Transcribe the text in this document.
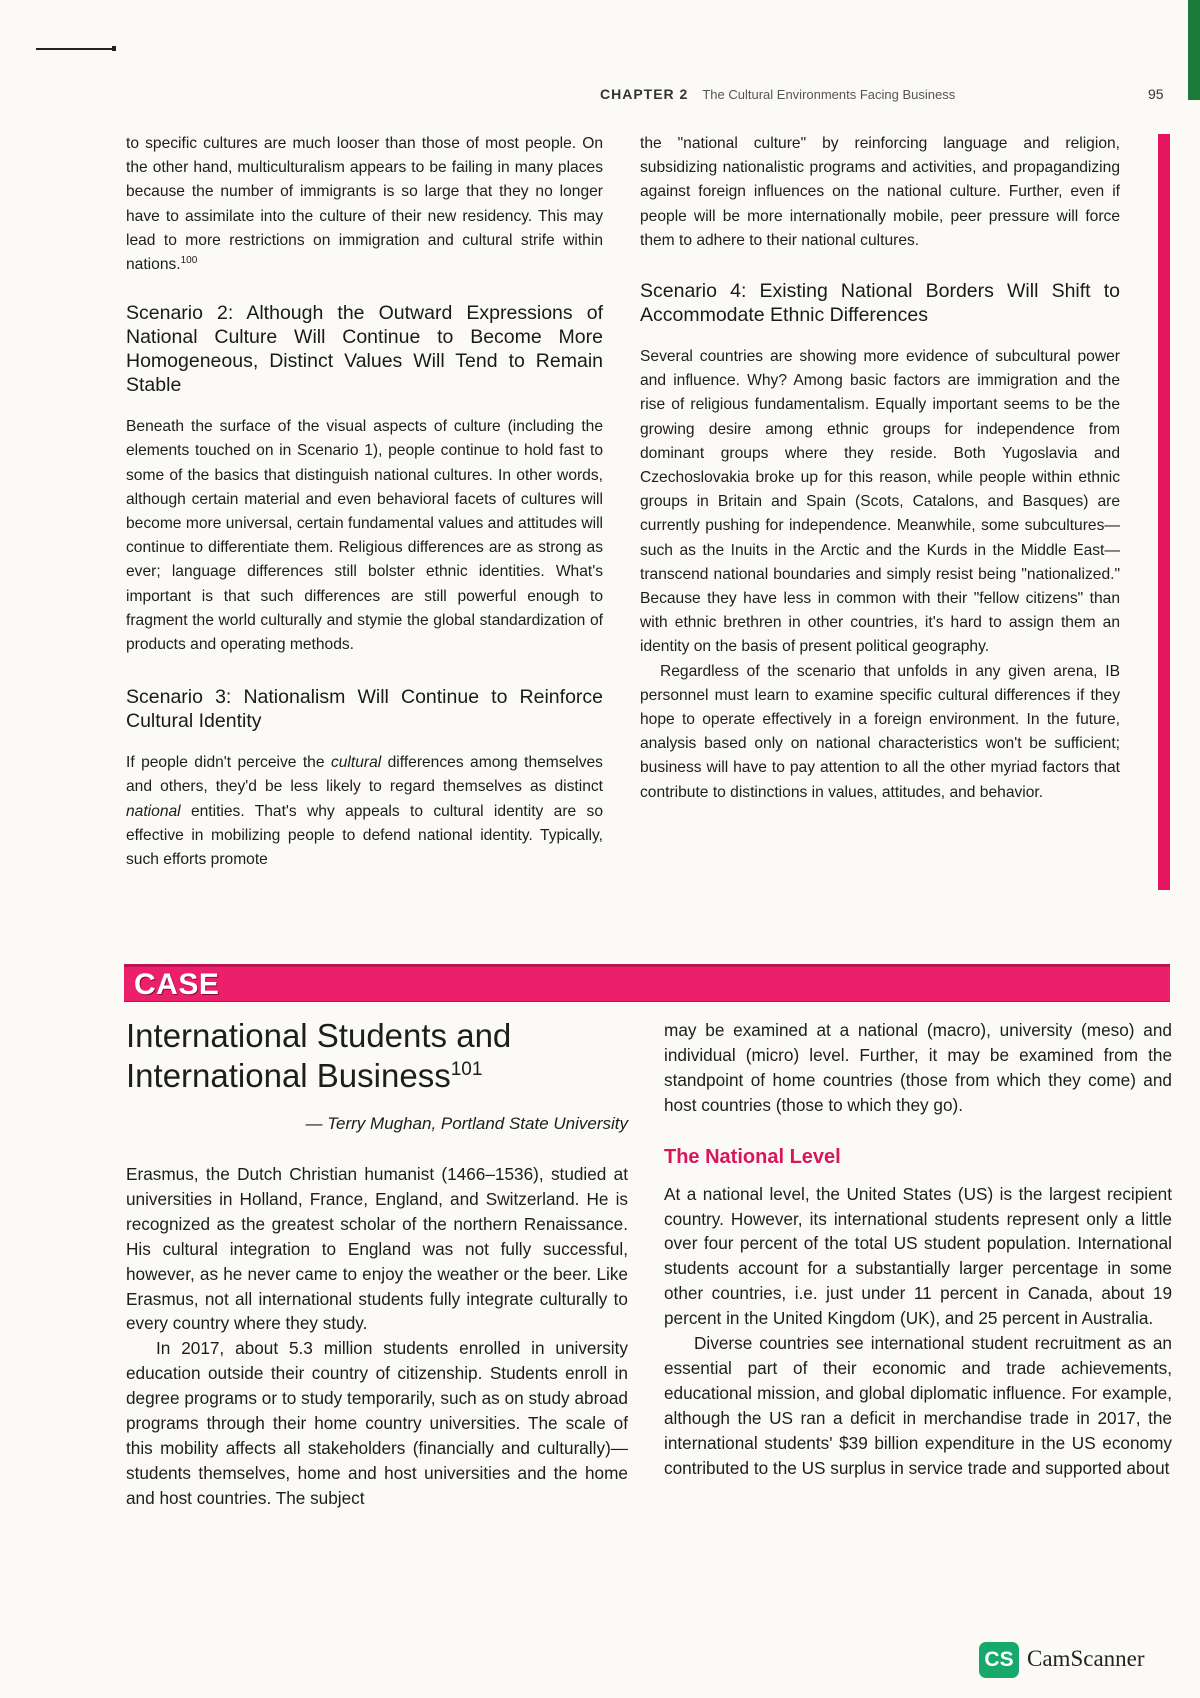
CHAPTER 2 The Cultural Environments Facing Business	95

to specific cultures are much looser than those of most people. On the other hand, multiculturalism appears to be failing in many places because the number of immigrants is so large that they no longer have to assimilate into the culture of their new residency. This may lead to more restrictions on immigration and cultural strife within nations.$^{100}$

Scenario 2: Although the Outward Expressions of National Culture Will Continue to Become More Homogeneous, Distinct Values Will Tend to Remain Stable

Beneath the surface of the visual aspects of culture (including the elements touched on in Scenario 1), people continue to hold fast to some of the basics that distinguish national cultures. In other words, although certain material and even behavioral facets of cultures will become more universal, certain fundamental values and attitudes will continue to differentiate them. Religious differences are as strong as ever; language differences still bolster ethnic identities. What's important is that such differences are still powerful enough to fragment the world culturally and stymie the global standardization of products and operating methods.

Scenario 3: Nationalism Will Continue to Reinforce Cultural Identity

If people didn't perceive the cultural differences among themselves and others, they'd be less likely to regard themselves as distinct national entities. That's why appeals to cultural identity are so effective in mobilizing people to defend national identity. Typically, such efforts promote

the "national culture" by reinforcing language and religion, subsidizing nationalistic programs and activities, and propagandizing against foreign influences on the national culture. Further, even if people will be more internationally mobile, peer pressure will force them to adhere to their national cultures.

Scenario 4: Existing National Borders Will Shift to Accommodate Ethnic Differences

Several countries are showing more evidence of subcultural power and influence. Why? Among basic factors are immigration and the rise of religious fundamentalism. Equally important seems to be the growing desire among ethnic groups for independence from dominant groups where they reside. Both Yugoslavia and Czechoslovakia broke up for this reason, while people within ethnic groups in Britain and Spain (Scots, Catalons, and Basques) are currently pushing for independence. Meanwhile, some subcultures—such as the Inuits in the Arctic and the Kurds in the Middle East—transcend national boundaries and simply resist being "nationalized." Because they have less in common with their "fellow citizens" than with ethnic brethren in other countries, it's hard to assign them an identity on the basis of present political geography.

Regardless of the scenario that unfolds in any given arena, IB personnel must learn to examine specific cultural differences if they hope to operate effectively in a foreign environment. In the future, analysis based only on national characteristics won't be sufficient; business will have to pay attention to all the other myriad factors that contribute to distinctions in values, attitudes, and behavior.

CASE
International Students and International Business$^{101}$
— Terry Mughan, Portland State University

Erasmus, the Dutch Christian humanist (1466–1536), studied at universities in Holland, France, England, and Switzerland. He is recognized as the greatest scholar of the northern Renaissance. His cultural integration to England was not fully successful, however, as he never came to enjoy the weather or the beer. Like Erasmus, not all international students fully integrate culturally to every country where they study.

In 2017, about 5.3 million students enrolled in university education outside their country of citizenship. Students enroll in degree programs or to study temporarily, such as on study abroad programs through their home country universities. The scale of this mobility affects all stakeholders (financially and culturally)—students themselves, home and host universities and the home and host countries. The subject

may be examined at a national (macro), university (meso) and individual (micro) level. Further, it may be examined from the standpoint of home countries (those from which they come) and host countries (those to which they go).

The National Level

At a national level, the United States (US) is the largest recipient country. However, its international students represent only a little over four percent of the total US student population. International students account for a substantially larger percentage in some other countries, i.e. just under 11 percent in Canada, about 19 percent in the United Kingdom (UK), and 25 percent in Australia.

Diverse countries see international student recruitment as an essential part of their economic and trade achievements, educational mission, and global diplomatic influence. For example, although the US ran a deficit in merchandise trade in 2017, the international students' $39 billion expenditure in the US economy contributed to the US surplus in service trade and supported about

CS CamScanner
